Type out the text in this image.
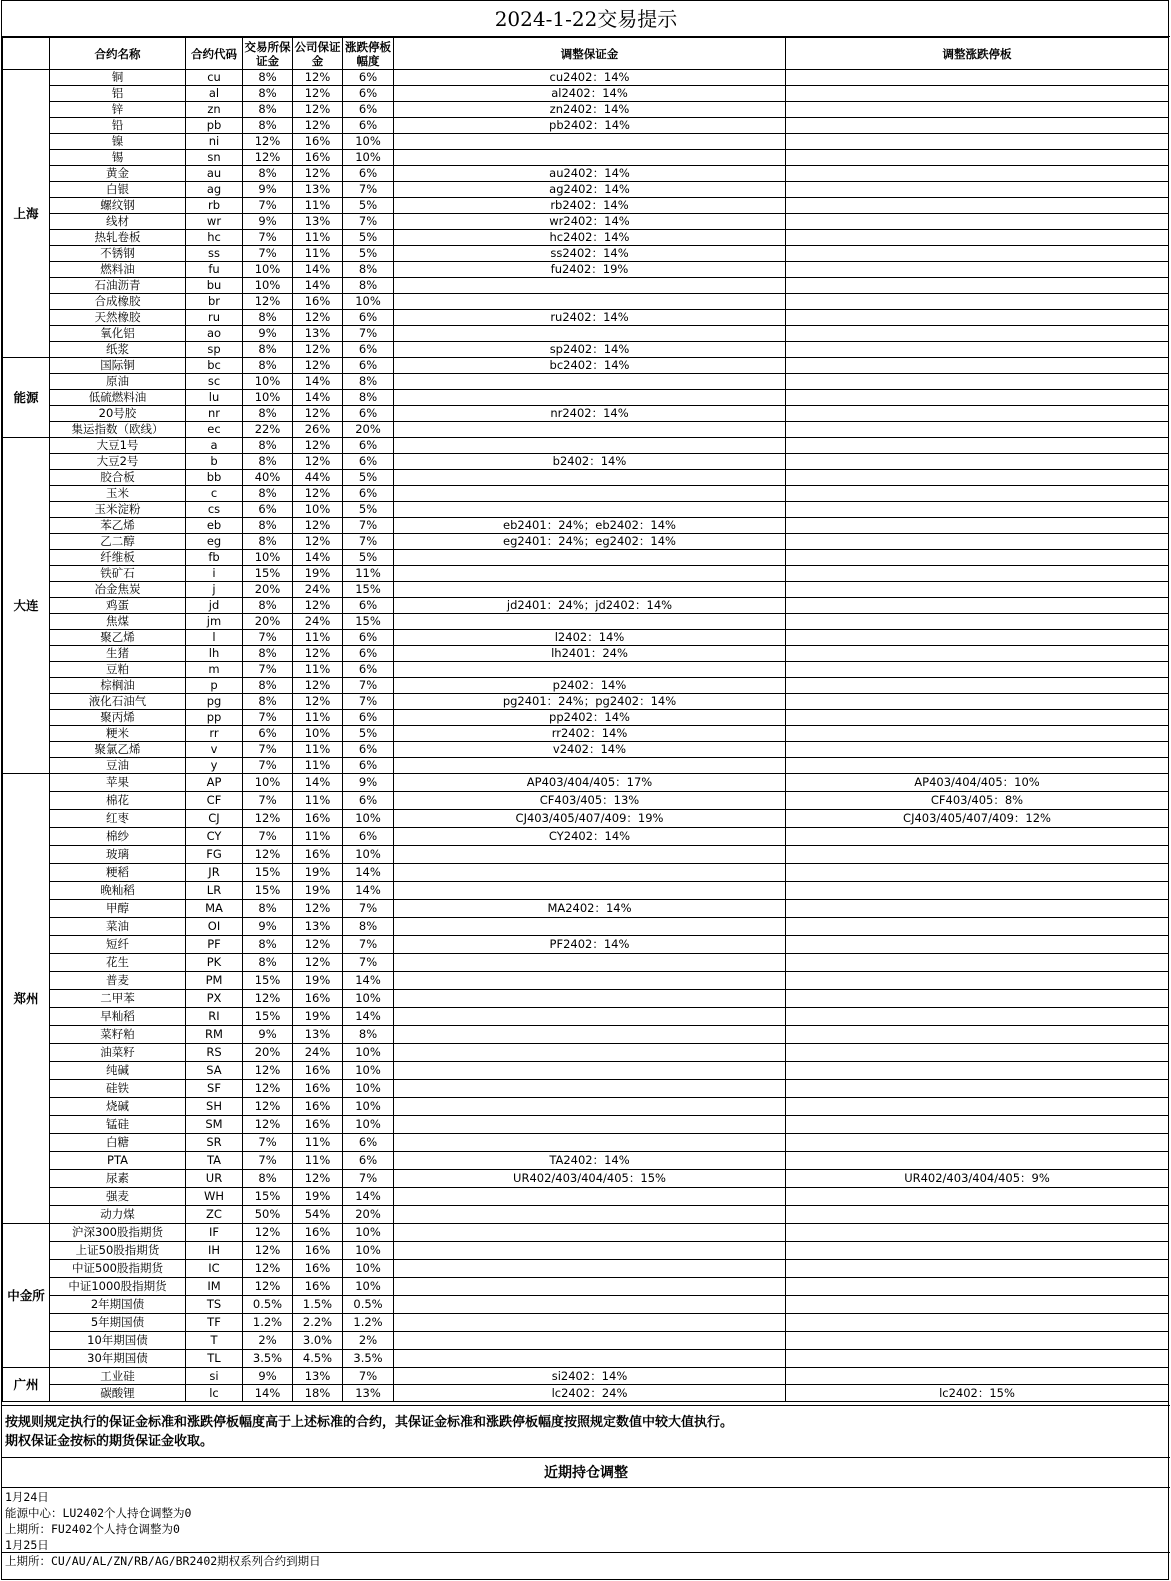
2024-1-22交易提示
	合约名称	合约代码	交易所保证金	公司保证金	涨跌停板幅度	调整保证金	调整涨跌停板
上海	铜	cu	8%	12%	6%	cu2402：14%	
	铝	al	8%	12%	6%	al2402：14%	
	锌	zn	8%	12%	6%	zn2402：14%	
	铅	pb	8%	12%	6%	pb2402：14%	
	镍	ni	12%	16%	10%		
	锡	sn	12%	16%	10%		
	黄金	au	8%	12%	6%	au2402：14%	
	白银	ag	9%	13%	7%	ag2402：14%	
	螺纹钢	rb	7%	11%	5%	rb2402：14%	
	线材	wr	9%	13%	7%	wr2402：14%	
	热轧卷板	hc	7%	11%	5%	hc2402：14%	
	不锈钢	ss	7%	11%	5%	ss2402：14%	
	燃料油	fu	10%	14%	8%	fu2402：19%	
	石油沥青	bu	10%	14%	8%		
	合成橡胶	br	12%	16%	10%		
	天然橡胶	ru	8%	12%	6%	ru2402：14%	
	氧化铝	ao	9%	13%	7%		
	纸浆	sp	8%	12%	6%	sp2402：14%	
能源	国际铜	bc	8%	12%	6%	bc2402：14%	
	原油	sc	10%	14%	8%		
	低硫燃料油	lu	10%	14%	8%		
	20号胶	nr	8%	12%	6%	nr2402：14%	
	集运指数（欧线）	ec	22%	26%	20%		
大连	大豆1号	a	8%	12%	6%		
	大豆2号	b	8%	12%	6%	b2402：14%	
	胶合板	bb	40%	44%	5%		
	玉米	c	8%	12%	6%		
	玉米淀粉	cs	6%	10%	5%		
	苯乙烯	eb	8%	12%	7%	eb2401：24%；eb2402：14%	
	乙二醇	eg	8%	12%	7%	eg2401：24%；eg2402：14%	
	纤维板	fb	10%	14%	5%		
	铁矿石	i	15%	19%	11%		
	冶金焦炭	j	20%	24%	15%		
	鸡蛋	jd	8%	12%	6%	jd2401：24%；jd2402：14%	
	焦煤	jm	20%	24%	15%		
	聚乙烯	l	7%	11%	6%	l2402：14%	
	生猪	lh	8%	12%	6%	lh2401：24%	
	豆粕	m	7%	11%	6%		
	棕榈油	p	8%	12%	7%	p2402：14%	
	液化石油气	pg	8%	12%	7%	pg2401：24%；pg2402：14%	
	聚丙烯	pp	7%	11%	6%	pp2402：14%	
	粳米	rr	6%	10%	5%	rr2402：14%	
	聚氯乙烯	v	7%	11%	6%	v2402：14%	
	豆油	y	7%	11%	6%		
郑州	苹果	AP	10%	14%	9%	AP403/404/405：17%	AP403/404/405：10%
	棉花	CF	7%	11%	6%	CF403/405：13%	CF403/405：8%
	红枣	CJ	12%	16%	10%	CJ403/405/407/409：19%	CJ403/405/407/409：12%
	棉纱	CY	7%	11%	6%	CY2402：14%	
	玻璃	FG	12%	16%	10%		
	粳稻	JR	15%	19%	14%		
	晚籼稻	LR	15%	19%	14%		
	甲醇	MA	8%	12%	7%	MA2402：14%	
	菜油	OI	9%	13%	8%		
	短纤	PF	8%	12%	7%	PF2402：14%	
	花生	PK	8%	12%	7%		
	普麦	PM	15%	19%	14%		
	二甲苯	PX	12%	16%	10%		
	早籼稻	RI	15%	19%	14%		
	菜籽粕	RM	9%	13%	8%		
	油菜籽	RS	20%	24%	10%		
	纯碱	SA	12%	16%	10%		
	硅铁	SF	12%	16%	10%		
	烧碱	SH	12%	16%	10%		
	锰硅	SM	12%	16%	10%		
	白糖	SR	7%	11%	6%		
	PTA	TA	7%	11%	6%	TA2402：14%	
	尿素	UR	8%	12%	7%	UR402/403/404/405：15%	UR402/403/404/405：9%
	强麦	WH	15%	19%	14%		
	动力煤	ZC	50%	54%	20%		
中金所	沪深300股指期货	IF	12%	16%	10%		
	上证50股指期货	IH	12%	16%	10%		
	中证500股指期货	IC	12%	16%	10%		
	中证1000股指期货	IM	12%	16%	10%		
	2年期国债	TS	0.5%	1.5%	0.5%		
	5年期国债	TF	1.2%	2.2%	1.2%		
	10年期国债	T	2%	3.0%	2%		
	30年期国债	TL	3.5%	4.5%	3.5%		
广州	工业硅	si	9%	13%	7%	si2402：14%	
	碳酸锂	lc	14%	18%	13%	lc2402：24%	lc2402：15%
按规则规定执行的保证金标准和涨跌停板幅度高于上述标准的合约，其保证金标准和涨跌停板幅度按照规定数值中较大值执行。
期权保证金按标的期货保证金收取。
近期持仓调整
1月24日
能源中心：LU2402个人持仓调整为0
上期所：FU2402个人持仓调整为0
1月25日
上期所：CU/AU/AL/ZN/RB/AG/BR2402期权系列合约到期日
